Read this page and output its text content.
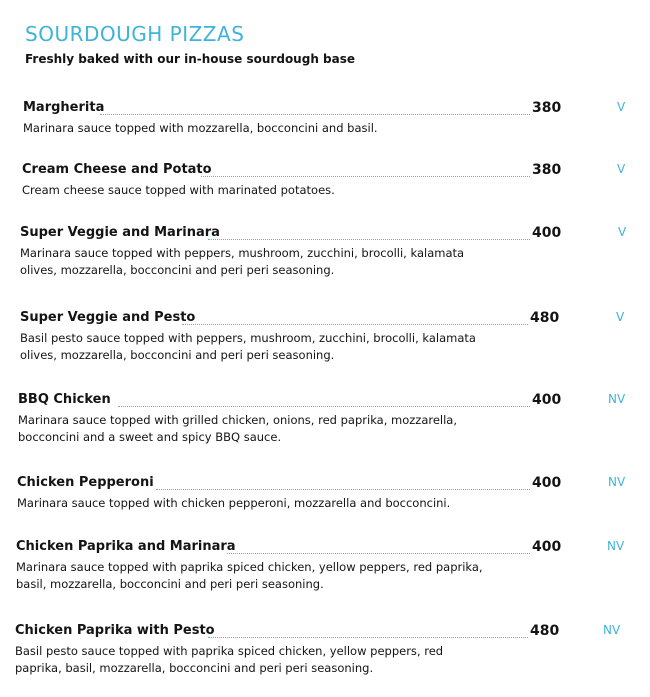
SOURDOUGH PIZZAS
Freshly baked with our in-house sourdough base
Margherita	380	V
Marinara sauce topped with mozzarella, bocconcini and basil.
Cream Cheese and Potato	380	V
Cream cheese sauce topped with marinated potatoes.
Super Veggie and Marinara	400	V
Marinara sauce topped with peppers, mushroom, zucchini, brocolli, kalamata olives, mozzarella, bocconcini and peri peri seasoning.
Super Veggie and Pesto	480	V
Basil pesto sauce topped with peppers, mushroom, zucchini, brocolli, kalamata olives, mozzarella, bocconcini and peri peri seasoning.
BBQ Chicken	400	NV
Marinara sauce topped with grilled chicken, onions, red paprika, mozzarella, bocconcini and a sweet and spicy BBQ sauce.
Chicken Pepperoni	400	NV
Marinara sauce topped with chicken pepperoni, mozzarella and bocconcini.
Chicken Paprika and Marinara	400	NV
Marinara sauce topped with paprika spiced chicken, yellow peppers, red paprika, basil, mozzarella, bocconcini and peri peri seasoning.
Chicken Paprika with Pesto	480	NV
Basil pesto sauce topped with paprika spiced chicken, yellow peppers, red paprika, basil, mozzarella, bocconcini and peri peri seasoning.
